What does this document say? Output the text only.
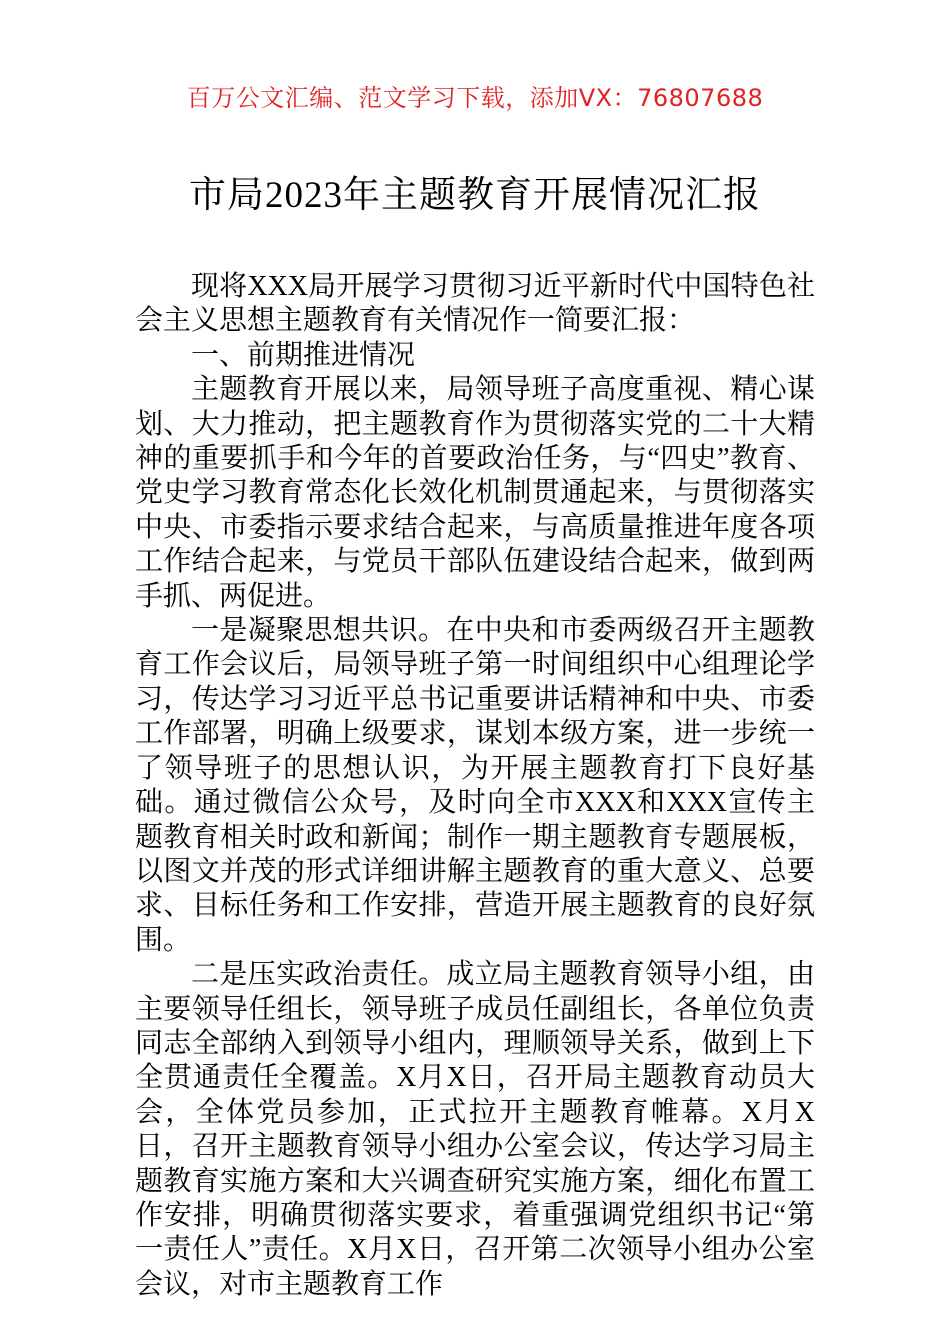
百万公文汇编、范文学习下载，添加VX：76807688
市局2023年主题教育开展情况汇报

现将XXX局开展学习贯彻习近平新时代中国特色社会主义思想主题教育有关情况作一简要汇报：

一、前期推进情况

主题教育开展以来，局领导班子高度重视、精心谋划、大力推动，把主题教育作为贯彻落实党的二十大精神的重要抓手和今年的首要政治任务，与“四史”教育、党史学习教育常态化长效化机制贯通起来，与贯彻落实中央、市委指示要求结合起来，与高质量推进年度各项工作结合起来，与党员干部队伍建设结合起来，做到两手抓、两促进。

一是凝聚思想共识。在中央和市委两级召开主题教育工作会议后，局领导班子第一时间组织中心组理论学习，传达学习习近平总书记重要讲话精神和中央、市委工作部署，明确上级要求，谋划本级方案，进一步统一了领导班子的思想认识，为开展主题教育打下良好基础。通过微信公众号，及时向全市XXX和XXX宣传主题教育相关时政和新闻；制作一期主题教育专题展板，以图文并茂的形式详细讲解主题教育的重大意义、总要求、目标任务和工作安排，营造开展主题教育的良好氛围。

二是压实政治责任。成立局主题教育领导小组，由主要领导任组长，领导班子成员任副组长，各单位负责同志全部纳入到领导小组内，理顺领导关系，做到上下全贯通责任全覆盖。X月X日，召开局主题教育动员大会，全体党员参加，正式拉开主题教育帷幕。X月X日，召开主题教育领导小组办公室会议，传达学习局主题教育实施方案和大兴调查研究实施方案，细化布置工作安排，明确贯彻落实要求，着重强调党组织书记“第一责任人”责任。X月X日，召开第二次领导小组办公室会议，对市主题教育工作
